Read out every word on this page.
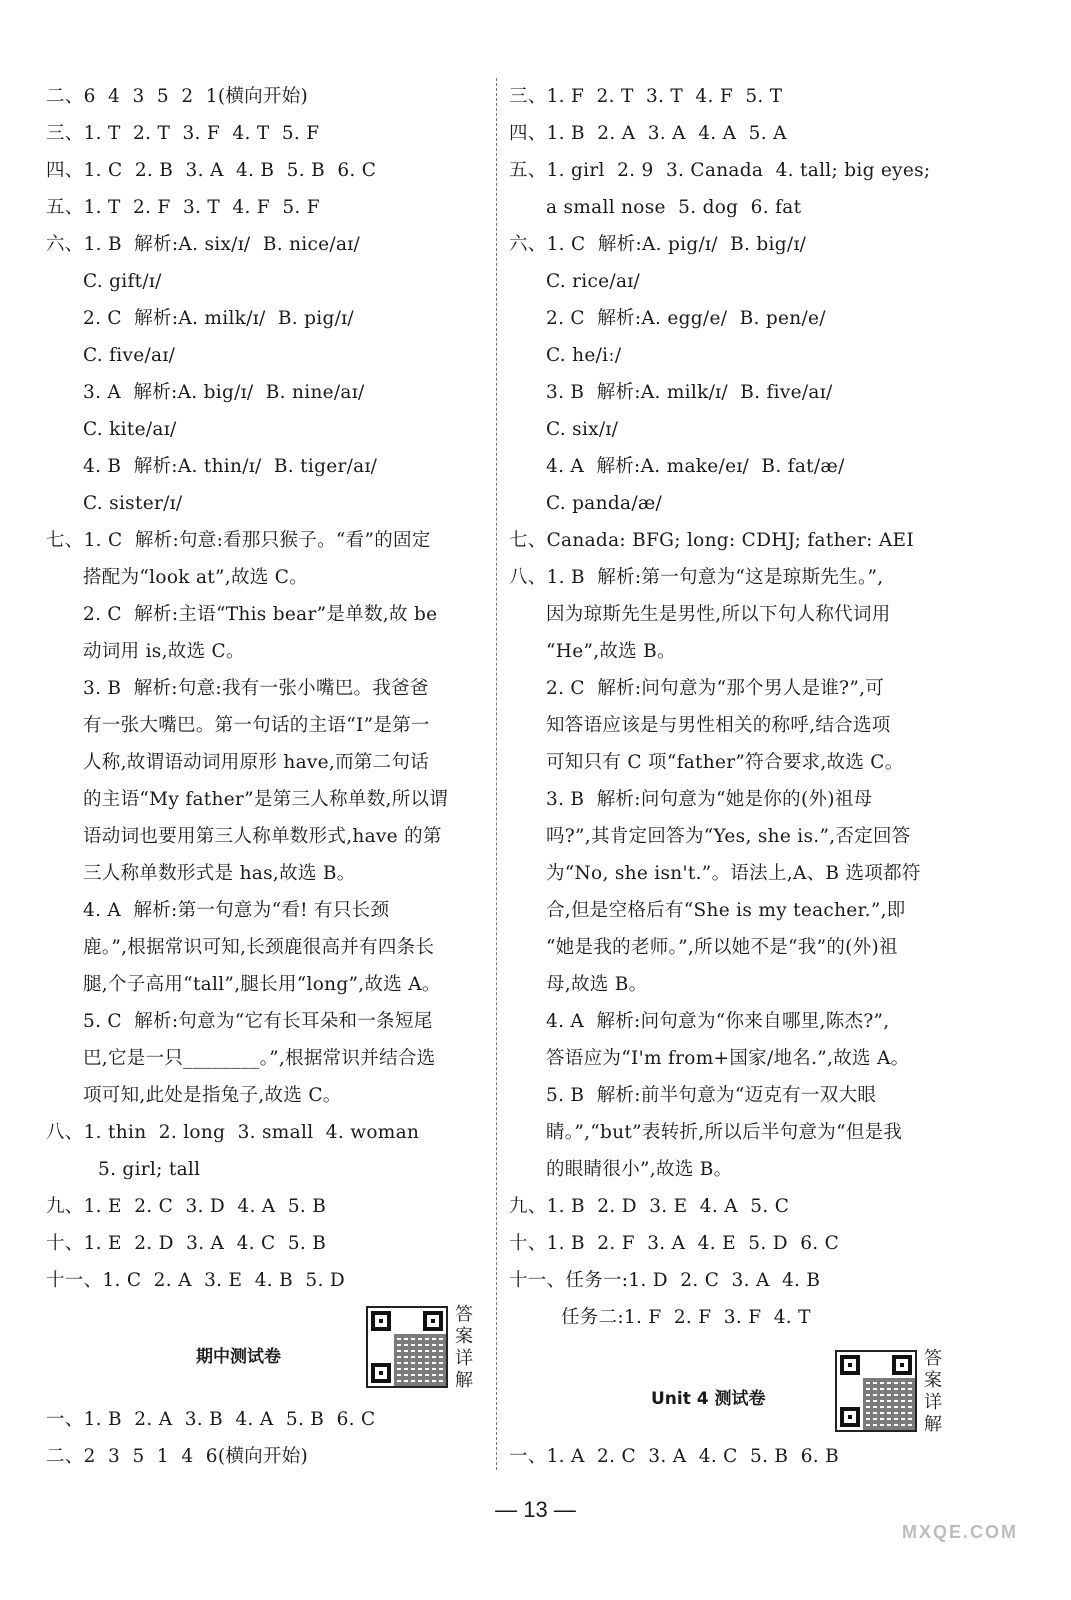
二、6  4  3  5  2  1(横向开始)
三、1. T  2. T  3. F  4. T  5. F
四、1. C  2. B  3. A  4. B  5. B  6. C
五、1. T  2. F  3. T  4. F  5. F
六、1. B  解析:A. six/ɪ/  B. nice/aɪ/
C. gift/ɪ/
2. C  解析:A. milk/ɪ/  B. pig/ɪ/
C. five/aɪ/
3. A  解析:A. big/ɪ/  B. nine/aɪ/
C. kite/aɪ/
4. B  解析:A. thin/ɪ/  B. tiger/aɪ/
C. sister/ɪ/
七、1. C  解析:句意:看那只猴子。“看”的固定
搭配为“look at”,故选 C。
2. C  解析:主语“This bear”是单数,故 be
动词用 is,故选 C。
3. B  解析:句意:我有一张小嘴巴。我爸爸
有一张大嘴巴。第一句话的主语“I”是第一
人称,故谓语动词用原形 have,而第二句话
的主语“My father”是第三人称单数,所以谓
语动词也要用第三人称单数形式,have 的第
三人称单数形式是 has,故选 B。
4. A  解析:第一句意为“看! 有只长颈
鹿。”,根据常识可知,长颈鹿很高并有四条长
腿,个子高用“tall”,腿长用“long”,故选 A。
5. C  解析:句意为“它有长耳朵和一条短尾
巴,它是一只________。”,根据常识并结合选
项可知,此处是指兔子,故选 C。
八、1. thin  2. long  3. small  4. woman
5. girl; tall
九、1. E  2. C  3. D  4. A  5. B
十、1. E  2. D  3. A  4. C  5. B
十一、1. C  2. A  3. E  4. B  5. D
期中测试卷
答
案
详
解
一、1. B  2. A  3. B  4. A  5. B  6. C
二、2  3  5  1  4  6(横向开始)
三、1. F  2. T  3. T  4. F  5. T
四、1. B  2. A  3. A  4. A  5. A
五、1. girl  2. 9  3. Canada  4. tall; big eyes;
a small nose  5. dog  6. fat
六、1. C  解析:A. pig/ɪ/  B. big/ɪ/
C. rice/aɪ/
2. C  解析:A. egg/e/  B. pen/e/
C. he/iː/
3. B  解析:A. milk/ɪ/  B. five/aɪ/
C. six/ɪ/
4. A  解析:A. make/eɪ/  B. fat/æ/
C. panda/æ/
七、Canada: BFG; long: CDHJ; father: AEI
八、1. B  解析:第一句意为“这是琼斯先生。”,
因为琼斯先生是男性,所以下句人称代词用
“He”,故选 B。
2. C  解析:问句意为“那个男人是谁?”,可
知答语应该是与男性相关的称呼,结合选项
可知只有 C 项“father”符合要求,故选 C。
3. B  解析:问句意为“她是你的(外)祖母
吗?”,其肯定回答为“Yes, she is.”,否定回答
为“No, she isn't.”。语法上,A、B 选项都符
合,但是空格后有“She is my teacher.”,即
“她是我的老师。”,所以她不是“我”的(外)祖
母,故选 B。
4. A  解析:问句意为“你来自哪里,陈杰?”,
答语应为“I'm from+国家/地名.”,故选 A。
5. B  解析:前半句意为“迈克有一双大眼
睛。”,“but”表转折,所以后半句意为“但是我
的眼睛很小”,故选 B。
九、1. B  2. D  3. E  4. A  5. C
十、1. B  2. F  3. A  4. E  5. D  6. C
十一、任务一:1. D  2. C  3. A  4. B
任务二:1. F  2. F  3. F  4. T
Unit 4 测试卷
答
案
详
解
一、1. A  2. C  3. A  4. C  5. B  6. B
— 13 —
MXQE.COM
